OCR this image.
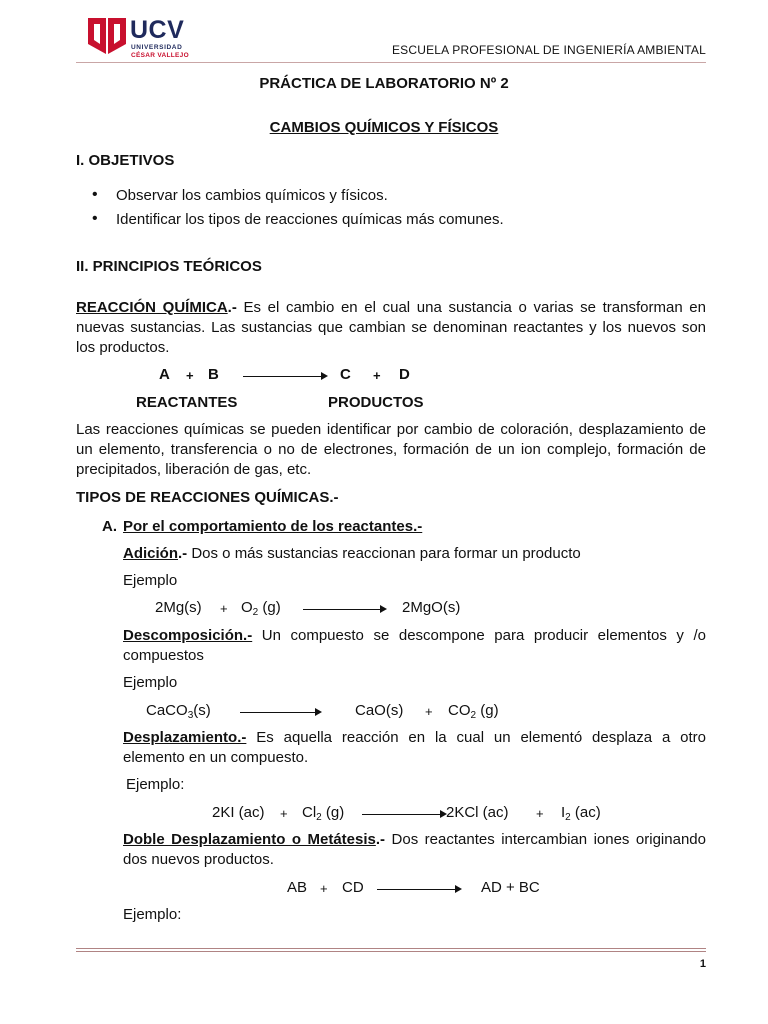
UCV
UNIVERSIDAD
CÉSAR VALLEJO	ESCUELA PROFESIONAL DE INGENIERÍA AMBIENTAL
PRÁCTICA DE LABORATORIO Nº 2
CAMBIOS QUÍMICOS Y FÍSICOS
I. OBJETIVOS
• Observar los cambios químicos y físicos.
• Identificar los tipos de reacciones químicas más comunes.
II. PRINCIPIOS TEÓRICOS
REACCIÓN QUÍMICA.- Es el cambio en el cual una sustancia o varias se transforman en nuevas sustancias. Las sustancias que cambian se denominan reactantes y los nuevos son los productos.
A + B	C + D
REACTANTES	PRODUCTOS
Las reacciones químicas se pueden identificar por cambio de coloración, desplazamiento de un elemento, transferencia o no de electrones, formación de un ion complejo, formación de precipitados, liberación de gas, etc.
TIPOS DE REACCIONES QUÍMICAS.-
A. Por el comportamiento de los reactantes.-
Adición.- Dos o más sustancias reaccionan para formar un producto
Ejemplo
$2Mg(s) + O_2$ (g)	2MgO(s)
Descomposición.- Un compuesto se descompone para producir elementos y /o compuestos
Ejemplo
CaCO$_3$(s)	$CaO(s) + CO_2$ (g)
Desplazamiento.- Es aquella reacción en la cual un elementó desplaza a otro elemento en un compuesto.
Ejemplo:
2KI $(ac) + Cl_2$ (g)	2KCl $(ac) + I_2$ (ac)
Doble Desplazamiento o Metátesis.- Dos reactantes intercambian iones originando dos nuevos productos.
AB + CD	AD + BC
Ejemplo:
1
